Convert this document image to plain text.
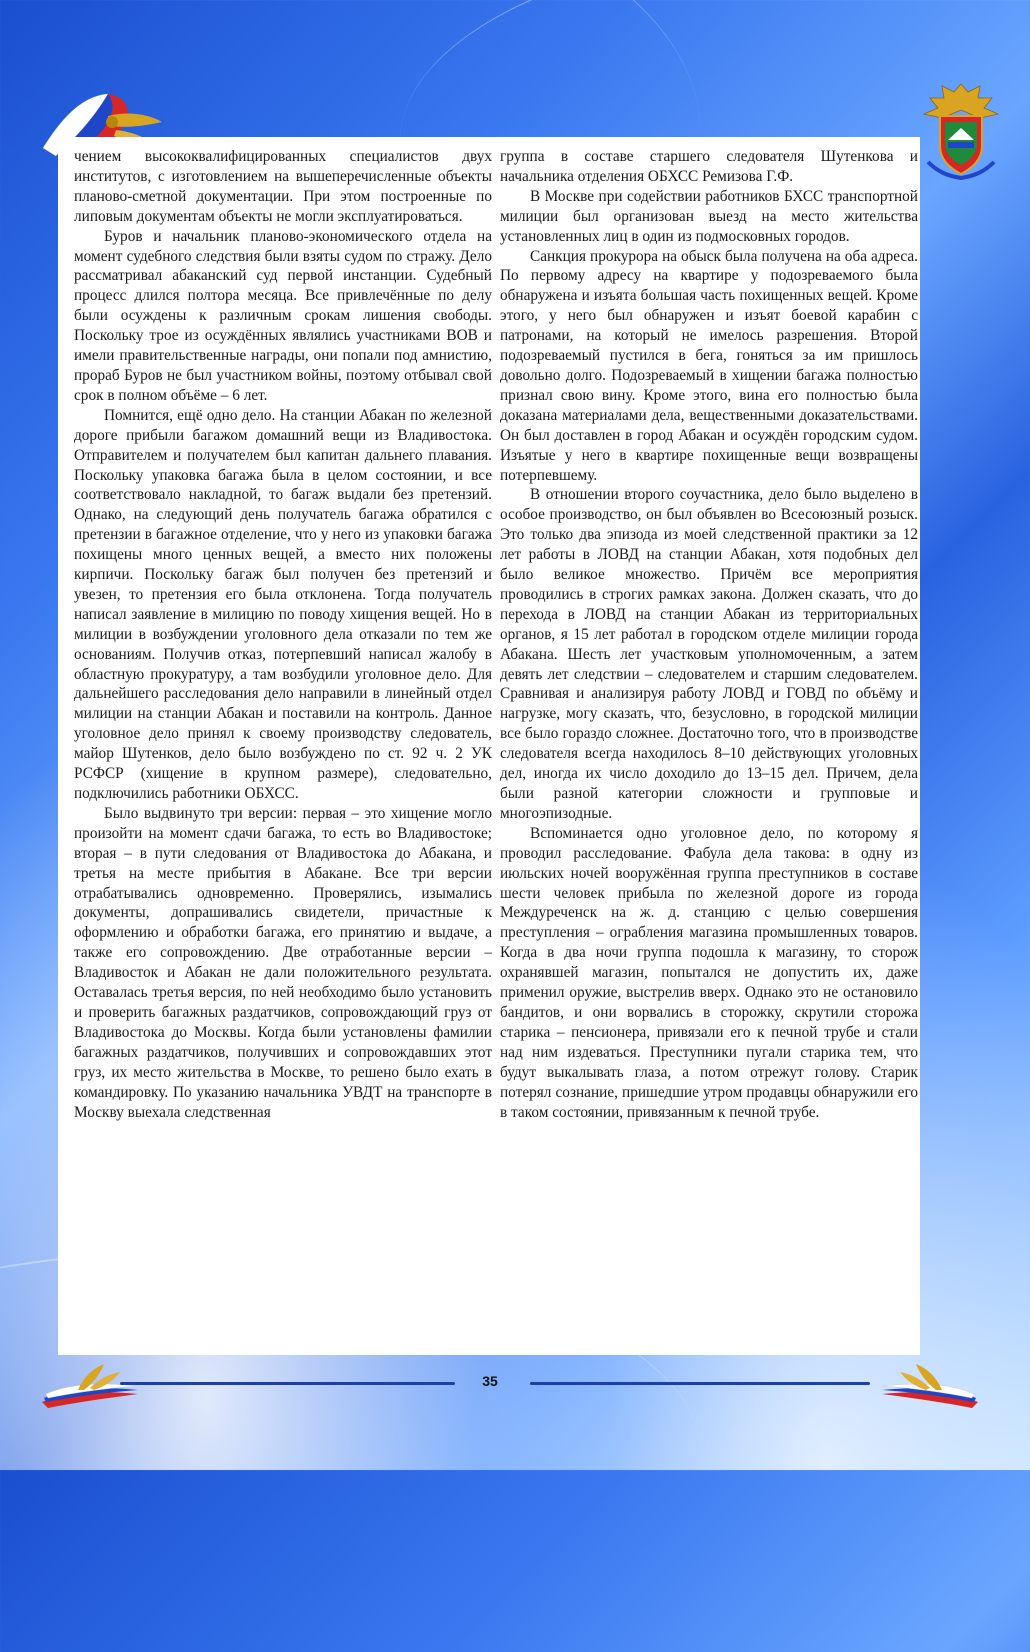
чением высококвалифицированных специалистов двух институтов, с изготовлением на вышеперечисленные объекты планово-сметной документации. При этом построенные по липовым документам объекты не могли эксплуатироваться.

Буров и начальник планово-экономического отдела на момент судебного следствия были взяты судом по стражу. Дело рассматривал абаканский суд первой инстанции. Судебный процесс длился полтора месяца. Все привлечённые по делу были осуждены к различным срокам лишения свободы. Поскольку трое из осуждённых являлись участниками ВОВ и имели правительственные награды, они попали под амнистию, прораб Буров не был участником войны, поэтому отбывал свой срок в полном объёме – 6 лет.

Помнится, ещё одно дело. На станции Абакан по железной дороге прибыли багажом домашний вещи из Владивостока. Отправителем и получателем был капитан дальнего плавания. Поскольку упаковка багажа была в целом состоянии, и все соответствовало накладной, то багаж выдали без претензий. Однако, на следующий день получатель багажа обратился с претензии в багажное отделение, что у него из упаковки багажа похищены много ценных вещей, а вместо них положены кирпичи. Поскольку багаж был получен без претензий и увезен, то претензия его была отклонена. Тогда получатель написал заявление в милицию по поводу хищения вещей. Но в милиции в возбуждении уголовного дела отказали по тем же основаниям. Получив отказ, потерпевший написал жалобу в областную прокуратуру, а там возбудили уголовное дело. Для дальнейшего расследования дело направили в линейный отдел милиции на станции Абакан и поставили на контроль. Данное уголовное дело принял к своему производству следователь, майор Шутенков, дело было возбуждено по ст. 92 ч. 2 УК РСФСР (хищение в крупном размере), следовательно, подключились работники ОБХСС.

Было выдвинуто три версии: первая – это хищение могло произойти на момент сдачи багажа, то есть во Владивостоке; вторая – в пути следования от Владивостока до Абакана, и третья на месте прибытия в Абакане. Все три версии отрабатывались одновременно. Проверялись, изымались документы, допрашивались свидетели, причастные к оформлению и обработки багажа, его принятию и выдаче, а также его сопровождению. Две отработанные версии – Владивосток и Абакан не дали положительного результата. Оставалась третья версия, по ней необходимо было установить и проверить багажных раздатчиков, сопровождающий груз от Владивостока до Москвы. Когда были установлены фамилии багажных раздатчиков, получивших и сопровождавших этот груз, их место жительства в Москве, то решено было ехать в командировку. По указанию начальника УВДТ на транспорте в Москву выехала следственная

группа в составе старшего следователя Шутенкова и начальника отделения ОБХСС Ремизова Г.Ф.

В Москве при содействии работников БХСС транспортной милиции был организован выезд на место жительства установленных лиц в один из подмосковных городов.

Санкция прокурора на обыск была получена на оба адреса. По первому адресу на квартире у подозреваемого была обнаружена и изъята большая часть похищенных вещей. Кроме этого, у него был обнаружен и изъят боевой карабин с патронами, на который не имелось разрешения. Второй подозреваемый пустился в бега, гоняться за им пришлось довольно долго. Подозреваемый в хищении багажа полностью признал свою вину. Кроме этого, вина его полностью была доказана материалами дела, вещественными доказательствами. Он был доставлен в город Абакан и осуждён городским судом. Изъятые у него в квартире похищенные вещи возвращены потерпевшему.

В отношении второго соучастника, дело было выделено в особое производство, он был объявлен во Всесоюзный розыск. Это только два эпизода из моей следственной практики за 12 лет работы в ЛОВД на станции Абакан, хотя подобных дел было великое множество. Причём все мероприятия проводились в строгих рамках закона. Должен сказать, что до перехода в ЛОВД на станции Абакан из территориальных органов, я 15 лет работал в городском отделе милиции города Абакана. Шесть лет участковым уполномоченным, а затем девять лет следствии – следователем и старшим следователем. Сравнивая и анализируя работу ЛОВД и ГОВД по объёму и нагрузке, могу сказать, что, безусловно, в городской милиции все было гораздо сложнее. Достаточно того, что в производстве следователя всегда находилось 8–10 действующих уголовных дел, иногда их число доходило до 13–15 дел. Причем, дела были разной категории сложности и групповые и многоэпизодные.

Вспоминается одно уголовное дело, по которому я проводил расследование. Фабула дела такова: в одну из июльских ночей вооружённая группа преступников в составе шести человек прибыла по железной дороге из города Междуреченск на ж. д. станцию с целью совершения преступления – ограбления магазина промышленных товаров. Когда в два ночи группа подошла к магазину, то сторож охранявшей магазин, попытался не допустить их, даже применил оружие, выстрелив вверх. Однако это не остановило бандитов, и они ворвались в сторожку, скрутили сторожа старика – пенсионера, привязали его к печной трубе и стали над ним издеваться. Преступники пугали старика тем, что будут выкалывать глаза, а потом отрежут голову. Старик потерял сознание, пришедшие утром продавцы обнаружили его в таком состоянии, привязанным к печной трубе.

35
